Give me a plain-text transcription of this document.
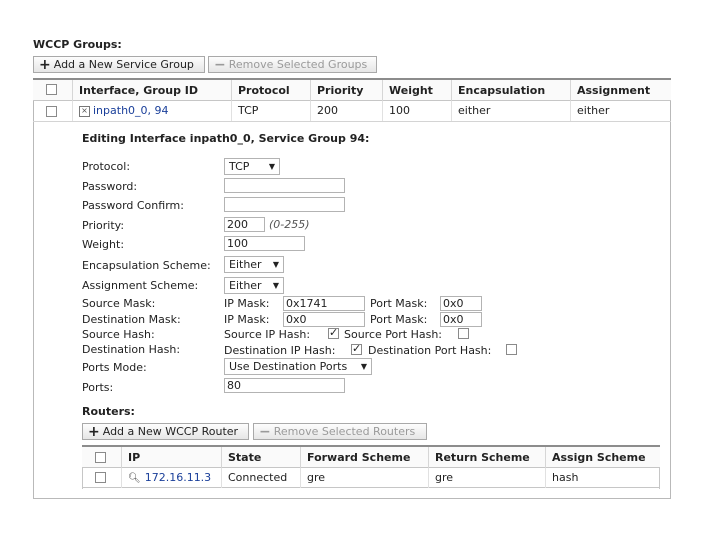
WCCP Groups:
+ Add a New Service Group − Remove Selected Groups
Interface, Group ID	Protocol	Priority	Weight	Encapsulation	Assignment
× inpath0_0, 94	TCP	200	100	either	either
Editing Interface inpath0_0, Service Group 94:
Protocol:	TCP ▼
Password:
Password Confirm:
Priority:	200	(0-255)
Weight:	100
Encapsulation Scheme:	Either ▼
Assignment Scheme:	Either ▼
Source Mask:	IP Mask: 0x1741	Port Mask: 0x0
Destination Mask:	IP Mask: 0x0	Port Mask: 0x0
Source Hash:	Source IP Hash: ✓	Source Port Hash:
Destination Hash:	Destination IP Hash: ✓	Destination Port Hash:
Ports Mode:	Use Destination Ports ▼
Ports:	80
Routers:
+ Add a New WCCP Router − Remove Selected Routers
IP	State	Forward Scheme	Return Scheme	Assign Scheme
🔍︎ 172.16.11.3	Connected	gre	gre	hash
